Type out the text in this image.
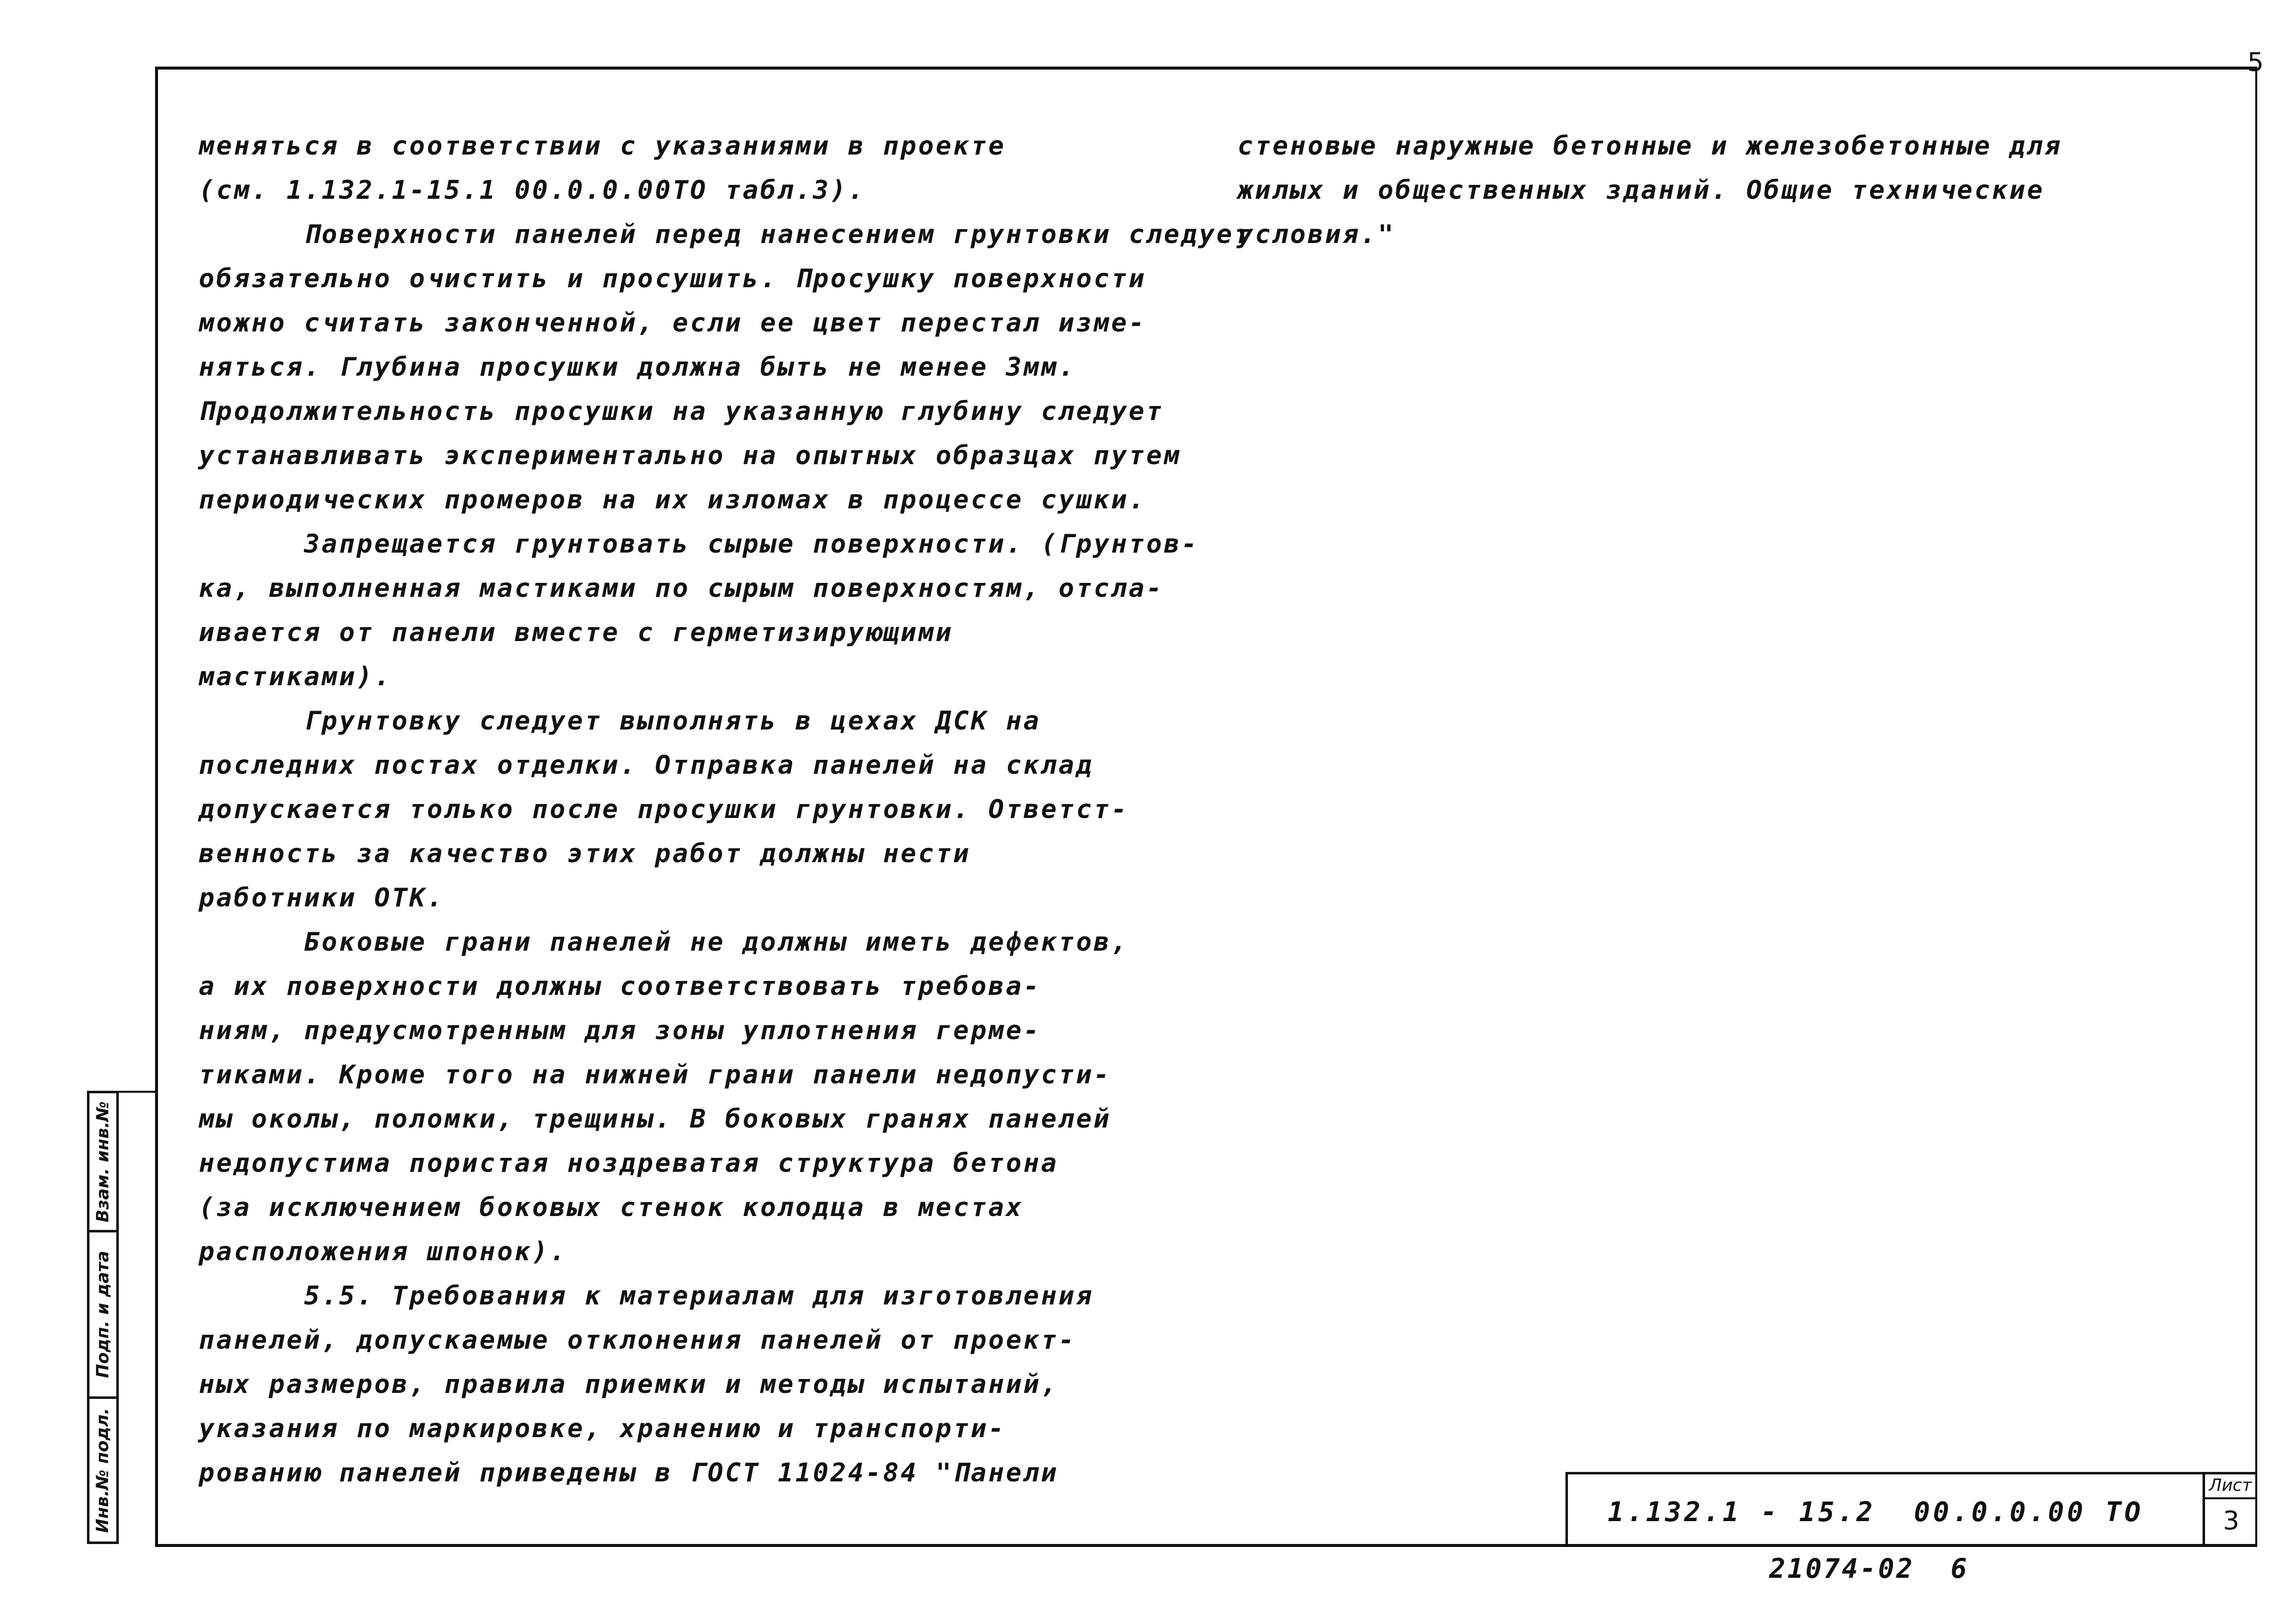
5
меняться в соответствии с указаниями в проекте
(см. 1.132.1-15.1 00.0.0.00ТО табл.3).
Поверхности панелей перед нанесением грунтовки следует
обязательно очистить и просушить. Просушку поверхности
можно считать законченной, если ее цвет перестал изме-
няться. Глубина просушки должна быть не менее 3мм.
Продолжительность просушки на указанную глубину следует
устанавливать экспериментально на опытных образцах путем
периодических промеров на их изломах в процессе сушки.
Запрещается грунтовать сырые поверхности. (Грунтов-
ка, выполненная мастиками по сырым поверхностям, отсла-
ивается от панели вместе с герметизирующими
мастиками).
Грунтовку следует выполнять в цехах ДСК на
последних постах отделки. Отправка панелей на склад
допускается только после просушки грунтовки. Ответст-
венность за качество этих работ должны нести
работники ОТК.
Боковые грани панелей не должны иметь дефектов,
а их поверхности должны соответствовать требова-
ниям, предусмотренным для зоны уплотнения герме-
тиками. Кроме того на нижней грани панели недопусти-
мы околы, поломки, трещины. В боковых гранях панелей
недопустима пористая ноздреватая структура бетона
(за исключением боковых стенок колодца в местах
расположения шпонок).
5.5. Требования к материалам для изготовления
панелей, допускаемые отклонения панелей от проект-
ных размеров, правила приемки и методы испытаний,
указания по маркировке, хранению и транспорти-
рованию панелей приведены в ГОСТ 11024-84 "Панели
стеновые наружные бетонные и железобетонные для
жилых и общественных зданий. Общие технические
условия."
Взам. инв.№
Подп. и дата
Инв.№ подл.	1.132.1 - 15.2  00.0.0.00 ТО
Лист
3
21074-02  6
